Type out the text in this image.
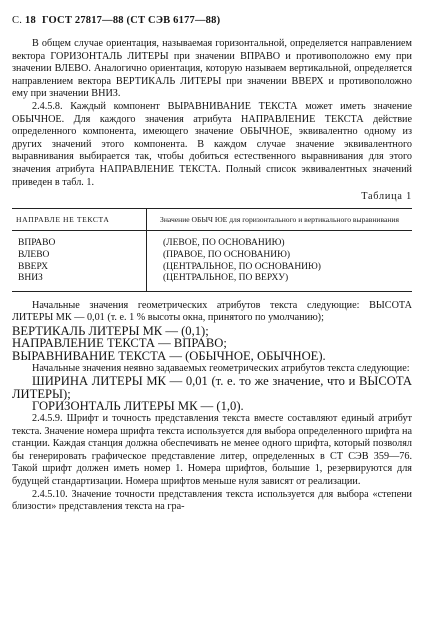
С. 18 ГОСТ 27817—88 (СТ СЭВ 6177—88)

В общем случае ориентация, называемая горизонтальной, определяется направлением вектора ГОРИЗОНТАЛЬ ЛИТЕРЫ при значении ВПРАВО и противоположно ему при значении ВЛЕВО. Аналогично ориентация, которую называем вертикальной, определяется направлением вектора ВЕРТИКАЛЬ ЛИТЕРЫ при значении ВВЕРХ и противоположно ему при значении ВНИЗ.

2.4.5.8. Каждый компонент ВЫРАВНИВАНИЕ ТЕКСТА может иметь значение ОБЫЧНОЕ. Для каждого значения атрибута НАПРАВЛЕНИЕ ТЕКСТА действие определенного компонента, имеющего значение ОБЫЧНОЕ, эквивалентно одному из других значений этого компонента. В каждом случае значение эквивалентного выравнивания выбирается так, чтобы добиться естественного выравнивания для этого значения атрибута НАПРАВЛЕНИЕ ТЕКСТА. Полный список эквивалентных значений приведен в табл. 1.

Таблица 1

НАПРАВЛЕ НЕ ТЕКСТА	Значение ОБЫЧ ЮЕ для горизонтального и вертикального выравнивания
ВПРАВО	(ЛЕВОЕ, ПО ОСНОВАНИЮ)
ВЛЕВО	(ПРАВОЕ, ПО ОСНОВАНИЮ)
ВВЕРХ	(ЦЕНТРАЛЬНОЕ, ПО ОСНОВАНИЮ)
ВНИЗ	(ЦЕНТРАЛЬНОЕ, ПО ВЕРХУ)

Начальные значения геометрических атрибутов текста следующие: ВЫСОТА ЛИТЕРЫ МК — 0,01 (т. е. 1 % высоты окна, принятого по умолчанию);

ВЕРТИКАЛЬ ЛИТЕРЫ МК — (0,1);

НАПРАВЛЕНИЕ ТЕКСТА — ВПРАВО;

ВЫРАВНИВАНИЕ ТЕКСТА — (ОБЫЧНОЕ, ОБЫЧНОЕ).

Начальные значения неявно задаваемых геометрических атрибутов текста следующие:

ШИРИНА ЛИТЕРЫ МК — 0,01 (т. е. то же значение, что и ВЫСОТА ЛИТЕРЫ);

ГОРИЗОНТАЛЬ ЛИТЕРЫ МК — (1,0).

2.4.5.9. Шрифт и точность представления текста вместе составляют единый атрибут текста. Значение номера шрифта текста используется для выбора определенного шрифта на станции. Каждая станция должна обеспечивать не менее одного шрифта, который позволял бы генерировать графическое представление литер, определенных в СТ СЭВ 359—76. Такой шрифт должен иметь номер 1. Номера шрифтов, большие 1, резервируются для будущей стандартизации. Номера шрифтов меньше нуля зависят от реализации.

2.4.5.10. Значение точности представления текста используется для выбора «степени близости» представления текста на гра-
